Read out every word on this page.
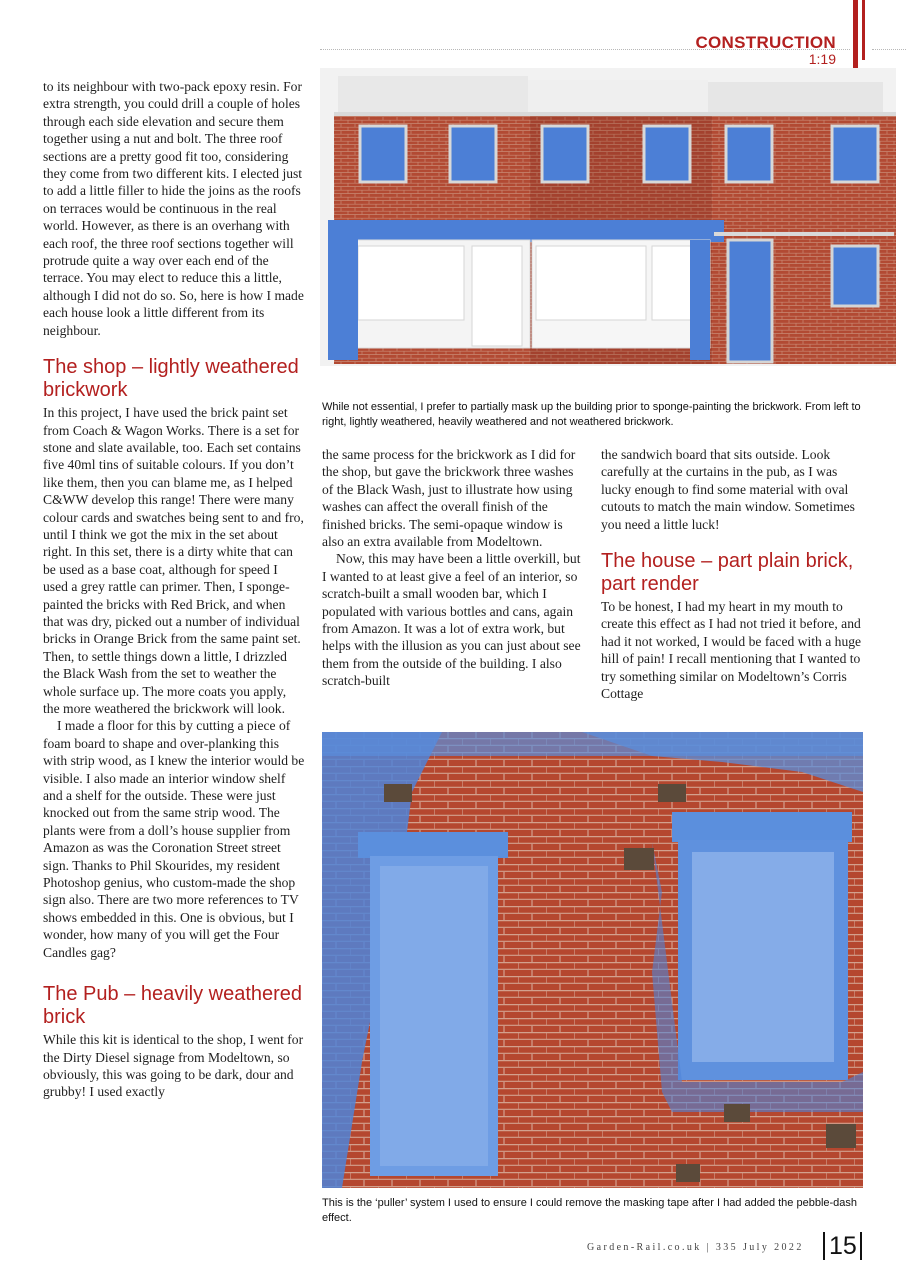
CONSTRUCTION
1:19

While not essential, I prefer to partially mask up the building prior to sponge-painting the brickwork. From left to right, lightly weathered, heavily weathered and not weathered brickwork.

to its neighbour with two-pack epoxy resin. For extra strength, you could drill a couple of holes through each side elevation and secure them together using a nut and bolt. The three roof sections are a pretty good fit too, considering they come from two different kits. I elected just to add a little filler to hide the joins as the roofs on terraces would be continuous in the real world. However, as there is an overhang with each roof, the three roof sections together will protrude quite a way over each end of the terrace. You may elect to reduce this a little, although I did not do so. So, here is how I made each house look a little different from its neighbour.

The shop – lightly weathered brickwork

In this project, I have used the brick paint set from Coach & Wagon Works. There is a set for stone and slate available, too. Each set contains five 40ml tins of suitable colours. If you don’t like them, then you can blame me, as I helped C&WW develop this range! There were many colour cards and swatches being sent to and fro, until I think we got the mix in the set about right. In this set, there is a dirty white that can be used as a base coat, although for speed I used a grey rattle can primer. Then, I sponge-painted the bricks with Red Brick, and when that was dry, picked out a number of individual bricks in Orange Brick from the same paint set. Then, to settle things down a little, I drizzled the Black Wash from the set to weather the whole surface up. The more coats you apply, the more weathered the brickwork will look.

I made a floor for this by cutting a piece of foam board to shape and over-planking this with strip wood, as I knew the interior would be visible. I also made an interior window shelf and a shelf for the outside. These were just knocked out from the same strip wood. The plants were from a doll’s house supplier from Amazon as was the Coronation Street street sign. Thanks to Phil Skourides, my resident Photoshop genius, who custom-made the shop sign also. There are two more references to TV shows embedded in this. One is obvious, but I wonder, how many of you will get the Four Candles gag?

The Pub – heavily weathered brick

While this kit is identical to the shop, I went for the Dirty Diesel signage from Modeltown, so obviously, this was going to be dark, dour and grubby! I used exactly

the same process for the brickwork as I did for the shop, but gave the brickwork three washes of the Black Wash, just to illustrate how using washes can affect the overall finish of the finished bricks. The semi-opaque window is also an extra available from Modeltown.

Now, this may have been a little overkill, but I wanted to at least give a feel of an interior, so scratch-built a small wooden bar, which I populated with various bottles and cans, again from Amazon. It was a lot of extra work, but helps with the illusion as you can just about see them from the outside of the building. I also scratch-built

the sandwich board that sits outside. Look carefully at the curtains in the pub, as I was lucky enough to find some material with oval cutouts to match the main window. Sometimes you need a little luck!

The house – part plain brick, part render

To be honest, I had my heart in my mouth to create this effect as I had not tried it before, and had it not worked, I would be faced with a huge hill of pain! I recall mentioning that I wanted to try something similar on Modeltown’s Corris Cottage

This is the ‘puller’ system I used to ensure I could remove the masking tape after I had added the pebble-dash effect.

Garden-Rail.co.uk | 335 July 2022 15
